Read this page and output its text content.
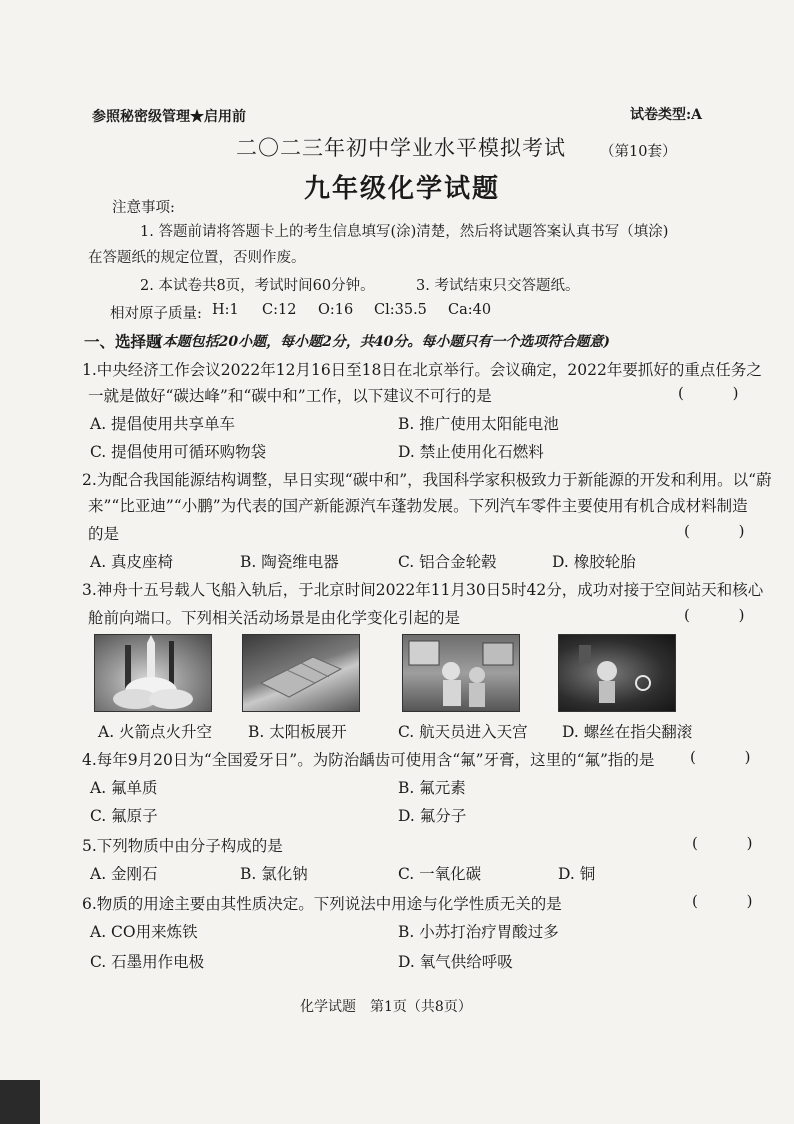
参照秘密级管理★启用前	试卷类型:A
二〇二三年初中学业水平模拟考试 （第10套）
九年级化学试题
注意事项:
1. 答题前请将答题卡上的考生信息填写(涂)清楚，然后将试题答案认真书写（填涂)
在答题纸的规定位置，否则作废。
2. 本试卷共8页，考试时间60分钟。	3. 考试结束只交答题纸。
相对原子质量: H:1 C:12 O:16 Cl:35.5 Ca:40
一、选择题
(本题包括20小题，每小题2分，共40分。每小题只有一个选项符合题意)
1.中央经济工作会议2022年12月16日至18日在北京举行。会议确定，2022年要抓好的重点任务之
一就是做好“碳达峰”和“碳中和”工作，以下建议不可行的是	( )
A. 提倡使用共享单车	B. 推广使用太阳能电池
C. 提倡使用可循环购物袋	D. 禁止使用化石燃料
2.为配合我国能源结构调整，早日实现“碳中和”，我国科学家积极致力于新能源的开发和利用。以“蔚
来”“比亚迪”“小鹏”为代表的国产新能源汽车蓬勃发展。下列汽车零件主要使用有机合成材料制造
的是	( )
A. 真皮座椅	B. 陶瓷维电器	C. 铝合金轮毂	D. 橡胶轮胎
3.神舟十五号载人飞船入轨后，于北京时间2022年11月30日5时42分，成功对接于空间站天和核心
舱前向端口。下列相关活动场景是由化学变化引起的是	( )
A. 火箭点火升空 B. 太阳板展开	C. 航天员进入天宫 D. 螺丝在指尖翻滚
4.每年9月20日为“全国爱牙日”。为防治龋齿可使用含“氟”牙膏，这里的“氟”指的是 ( )
A. 氟单质	B. 氟元素
C. 氟原子	D. 氟分子
5.下列物质中由分子构成的是	( )
A. 金刚石	B. 氯化钠	C. 一氧化碳	D. 铜
6.物质的用途主要由其性质决定。下列说法中用途与化学性质无关的是	( )
A. CO用来炼铁	B. 小苏打治疗胃酸过多
C. 石墨用作电极	D. 氧气供给呼吸
化学试题　第1页（共8页）
